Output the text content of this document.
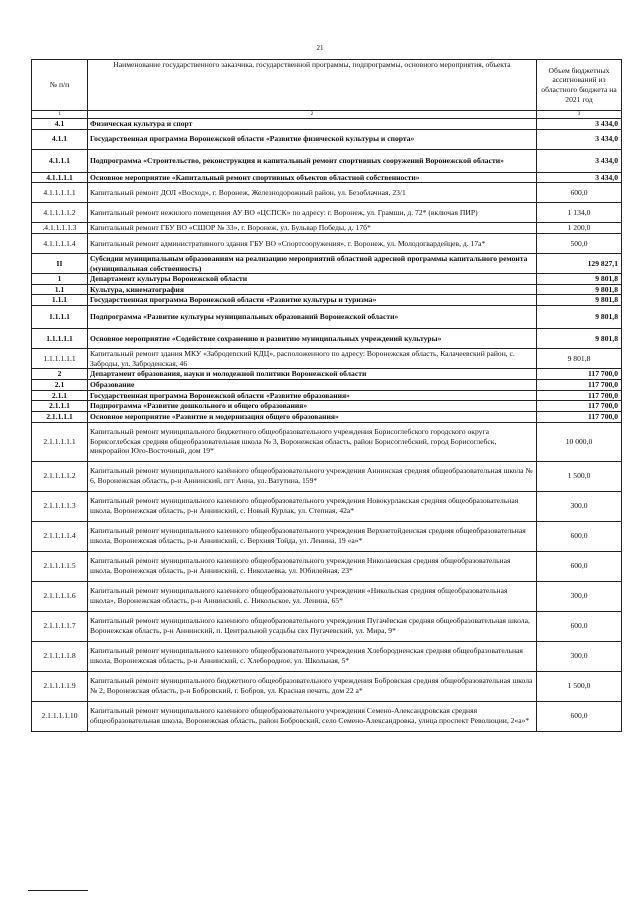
21
№ п/п	Наименование государственного заказчика, государственной программы, подпрограммы, основного мероприятия, объекта	Объем бюджетных ассигнований из областного бюджета на 2021 год
1	2	3
4.1	Физическая культура и спорт	3 434,0
4.1.1	Государственная программа Воронежской области «Развитие физической культуры и спорта»	3 434,0
4.1.1.1	Подпрограмма «Строительство, реконструкция и капитальный ремонт спортивных сооружений Воронежской области»	3 434,0
4.1.1.1.1	Основное мероприятие «Капитальный ремонт спортивных объектов областной собственности»	3 434,0
4.1.1.1.1.1	Капитальный ремонт ДОЛ «Восход», г. Воронеж, Железнодорожный район, ул. Безоблачная, 23/1	600,0
4.1.1.1.1.2	Капитальный ремонт нежилого помещения АУ ВО «ЦСПСК» по адресу: г. Воронеж, ул. Грамши, д. 72* (включая ПИР)	1 134,0
.4.1.1.1.1.3	Капитальный ремонт ГБУ ВО «СШОР № 33», г. Воронеж, ул. Бульвар Победы, д. 17б*	1 200,0
4.1.1.1.1.4	Капитальный ремонт административного здания ГБУ ВО «Спортсооружения», г. Воронеж, ул. Молодогвардейцев, д. 17а*	500,0
II	Субсидии муниципальным образованиям на реализацию мероприятий областной адресной программы капитального ремонта (муниципальная собственность)	129 827,1
1	Департамент культуры Воронежской области	9 801,8
1.1	Культура, кинематография	9 801,8
1.1.1	Государственная программа Воронежской области «Развитие культуры и туризма»	9 801,8
1.1.1.1	Подпрограмма «Развитие культуры муниципальных образований Воронежской области»	9 801,8
1.1.1.1.1	Основное мероприятие «Содействие сохранению и развитию муниципальных учреждений культуры»	9 801,8
1.1.1.1.1.1	Капитальный ремонт здания МКУ «Забродenский КДЦ», расположенного по адресу: Воронежская область, Калачеевский район, с. Заброды, ул. Забродeнская, 46	9 801,8
2	Департамент образования, науки и молодежной политики Воронежской области	117 700,0
2.1	Образование	117 700,0
2.1.1	Государственная программа Воронежской области «Развитие образования»	117 700,0
2.1.1.1	Подпрограмма «Развитие дошкольного и общего образования»	117 700,0
2.1.1.1.1	Основное мероприятие «Развитие и модернизация общего образования»	117 700,0
2.1.1.1.1.1	Капитальный ремонт муниципального бюджетного общеобразовательного учреждения Борисоглебского городского округа Борисоглебская средняя общеобразовательная школа № 3, Воронежская область, район Борисоглебский, город Борисоглебск, микрорайон Юго-Восточный, дом 19*	10 000,0
2.1.1.1.1.2	Капитальный ремонт муниципального казённого общеобразовательного учреждения Аннинская средняя общеобразовательная школа № 6, Воронежская область, р-н Аннинский, пгт Анна, ул. Ватутина, 159*	1 500,0
2.1.1.1.1.3	Капитальный ремонт муниципального казенного общеобразовательного учреждения Новокурлакская средняя общеобразовательная школа, Воронежская область, р-н Аннинский, с. Новый Курлак, ул. Степная, 42а*	300,0
2.1.1.1.1.4	Капитальный ремонт муниципального казенного общеобразовательного учреждения Верхнетойденская средняя общеобразовательная школа, Воронежская область, р-н Аннинский, с. Верхняя Тойда, ул. Ленина, 19 «а»*	600,0
2.1.1.1.1.5	Капитальный ремонт муниципального казенного общеобразовательного учреждения Николаевская средняя общеобразовательная школа, Воронежская область, р-н Аннинский, с. Николаевка, ул. Юбилейная, 23*	600,0
2.1.1.1.1.6	Капитальный ремонт муниципального казенного общеобразовательного учреждения «Никольская средняя общеобразовательная школа», Воронежская область, р-н Аннинский, с. Никольское, ул. Ленина, 65*	300,0
2.1.1.1.1.7	Капитальный ремонт муниципального казенного общеобразовательного учреждения Пугачёвская средняя общеобразовательная школа, Воронежская область, р-н Аннинский, п. Центральной усадьбы свх Пугачевский, ул. Мира, 9*	600,0
2.1.1.1.1.8	Капитальный ремонт муниципального казенного общеобразовательного учреждения Хлебородненская средняя общеобразовательная школа, Воронежская область, р-н Аннинский, с. Хлебородное, ул. Школьная, 5*	300,0
2.1.1.1.1.9	Капитальный ремонт муниципального бюджетного общеобразовательного учреждения Бобровская средняя общеобразовательная школа № 2, Воронежская область, р-н Бобровский, г. Бобров, ул. Красная печать, дом 22 а*	1 500,0
2.1.1.1.1.10	Капитальный ремонт муниципального казенного общеобразовательного учреждения Семено-Александровская средняя общеобразовательная школа, Воронежская область, район Бобровский, село Семено-Александровка, улица проспект Революции, 2«а»*	600,0
